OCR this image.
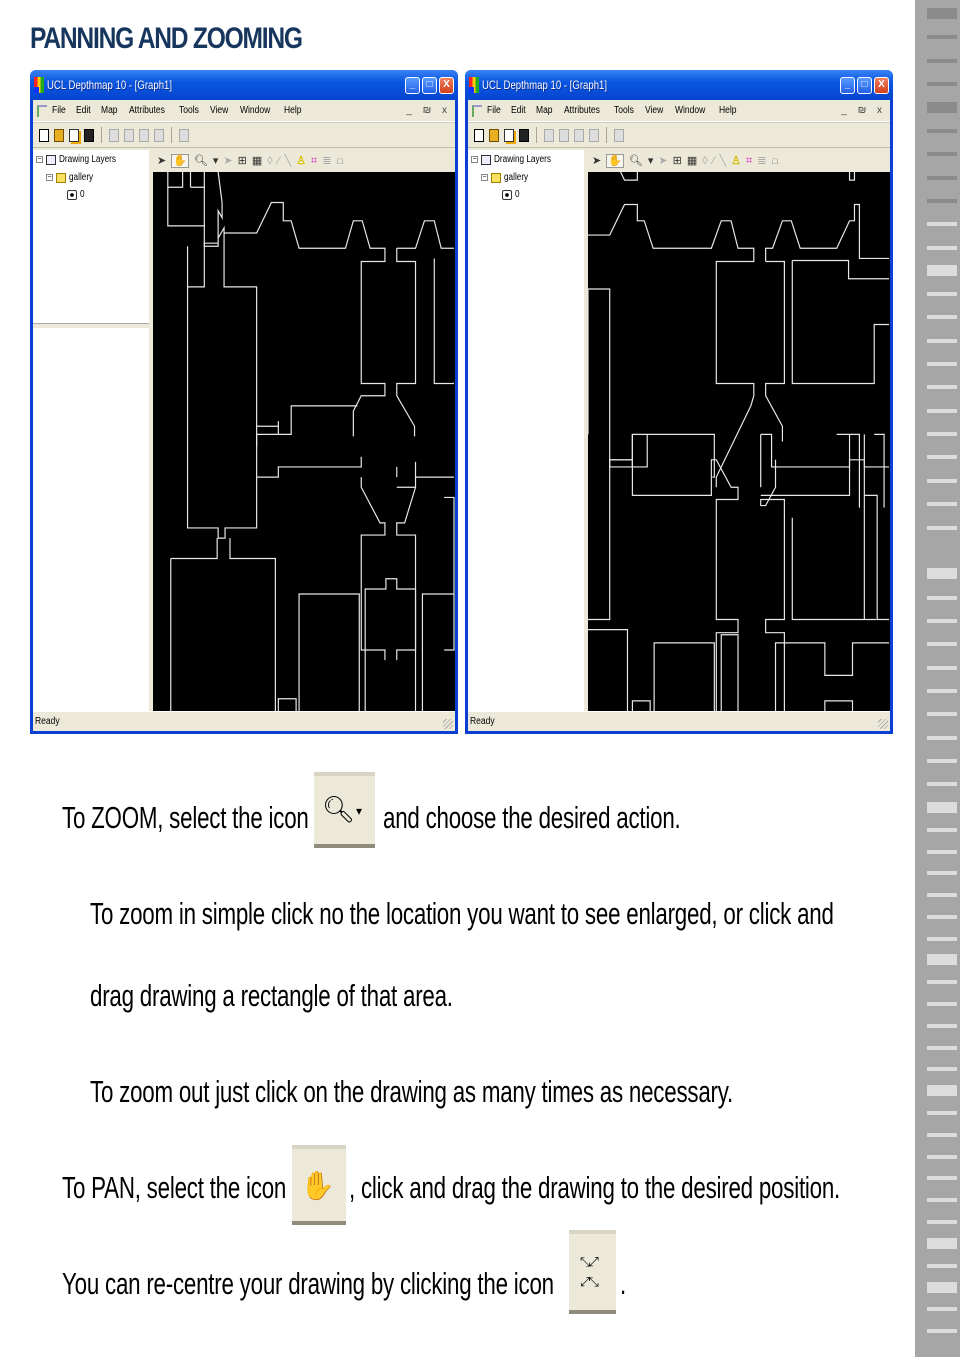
PANNING AND ZOOMING
UCL Depthmap 10 - [Graph1]	_	□	X
File Edit Map Attributes Tools View Window Help	_ ₪ x
− Drawing Layers
− gallery
0
➤ ✋ 🔍︎ ▾ ➤ ⊞ ▦ ◊ ∕ ╲ ♙ ⌗ ≣ ⩍
Ready
UCL Depthmap 10 - [Graph1]	_	□	X
File Edit Map Attributes Tools View Window Help	_ ₪ x
− Drawing Layers
− gallery
0
➤ ✋ 🔍︎ ▾ ➤ ⊞ ▦ ◊ ∕ ╲ ♙ ⌗ ≣ ⩍
Ready
To ZOOM, select the icon 🔍︎ ▾ and choose the desired action.
To zoom in simple click no the location you want to see enlarged, or click and
drag drawing a rectangle of that area.
To zoom out just click on the drawing as many times as necessary.
To PAN, select the icon ✋ , click and drag the drawing to the desired position.
You can re-centre your drawing by clicking the icon
⤡⤢
⤢⤡ .
